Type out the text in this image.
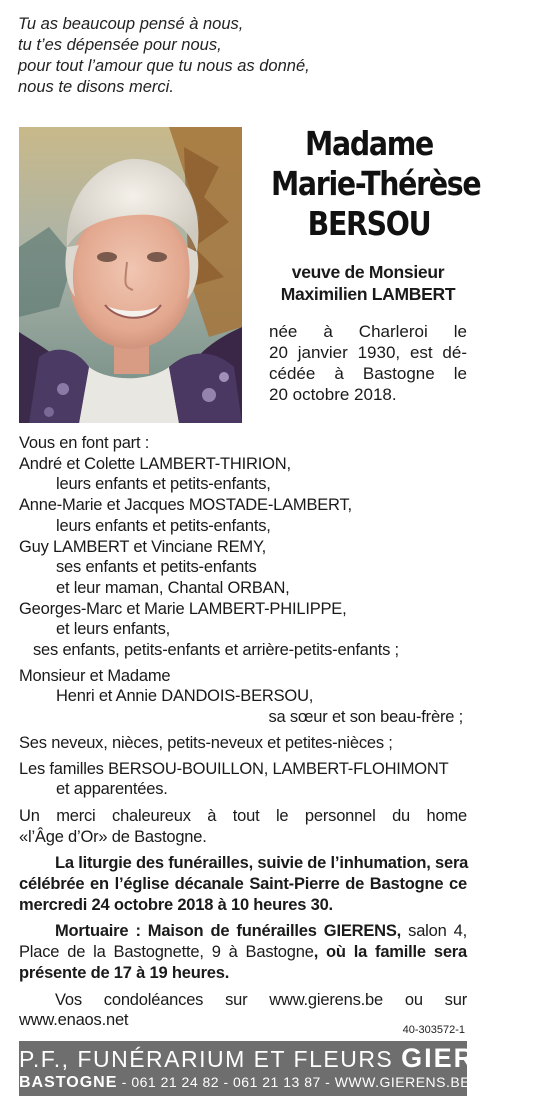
Tu as beaucoup pensé à nous,
tu t’es dépensée pour nous,
pour tout l’amour que tu nous as donné,
nous te disons merci.
Madame
Marie-Thérèse
BERSOU
veuve de Monsieur
Maximilien LAMBERT
née à Charleroi le
20 janvier 1930, est dé-
cédée à Bastogne le
20 octobre 2018.
Vous en font part :
André et Colette LAMBERT-THIRION,
leurs enfants et petits-enfants,
Anne-Marie et Jacques MOSTADE-LAMBERT,
leurs enfants et petits-enfants,
Guy LAMBERT et Vinciane REMY,
ses enfants et petits-enfants
et leur maman, Chantal ORBAN,
Georges-Marc et Marie LAMBERT-PHILIPPE,
et leurs enfants,
ses enfants, petits-enfants et arrière-petits-enfants ;
Monsieur et Madame
Henri et Annie DANDOIS-BERSOU,
sa sœur et son beau-frère ;
Ses neveux, nièces, petits-neveux et petites-nièces ;
Les familles BERSOU-BOUILLON, LAMBERT-FLOHIMONT
et apparentées.
Un merci chaleureux à tout le personnel du home
«l’Âge d’Or» de Bastogne.
La liturgie des funérailles, suivie de l’inhumation, sera
célébrée en l’église décanale Saint-Pierre de Bastogne ce
mercredi 24 octobre 2018 à 10 heures 30.
Mortuaire : Maison de funérailles GIERENS, salon 4,
Place de la Bastognette, 9 à Bastogne, où la famille sera
présente de 17 à 19 heures.
Vos condoléances sur www.gierens.be ou sur
www.enaos.net
40-303572-1
P.F., FUNÉRARIUM ET FLEURS GIERENS
BASTOGNE - 061 21 24 82 - 061 21 13 87 - WWW.GIERENS.BE
